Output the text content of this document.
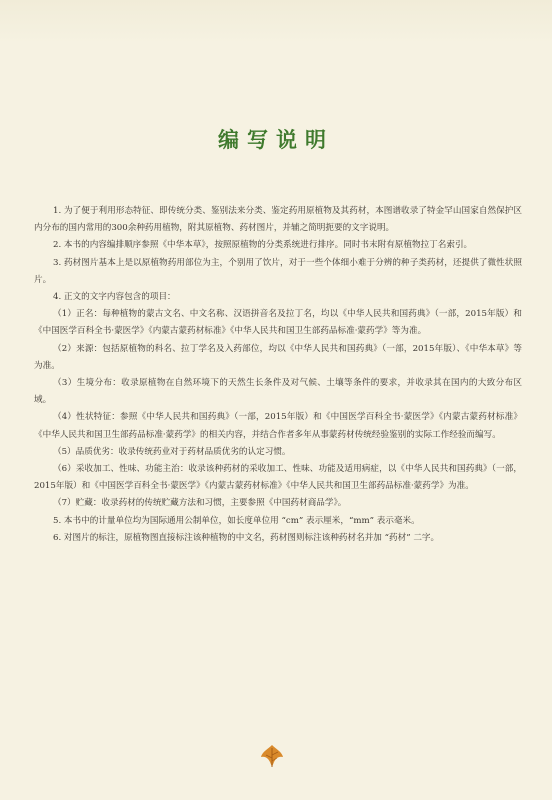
编写说明

1. 为了便于利用形态特征、即传统分类、鉴别法来分类、鉴定药用原植物及其药材，本图谱收录了特金罕山国家自然保护区内分布的国内常用的300余种药用植物，附其原植物、药材图片，并辅之简明扼要的文字说明。

2. 本书的内容编排顺序参照《中华本草》，按照原植物的分类系统进行排序。同时书末附有原植物拉丁名索引。

3. 药材图片基本上是以原植物药用部位为主，个别用了饮片，对于一些个体细小难于分辨的种子类药材，还提供了微性状照片。

4. 正文的文字内容包含的项目：

（1）正名：每种植物的蒙古文名、中文名称、汉语拼音名及拉丁名，均以《中华人民共和国药典》（一部，2015年版）和《中国医学百科全书·蒙医学》《内蒙古蒙药材标准》《中华人民共和国卫生部药品标准·蒙药学》等为准。

（2）来源：包括原植物的科名、拉丁学名及入药部位，均以《中华人民共和国药典》（一部，2015年版）、《中华本草》等为准。

（3）生境分布：收录原植物在自然环境下的天然生长条件及对气候、土壤等条件的要求，并收录其在国内的大致分布区域。

（4）性状特征：参照《中华人民共和国药典》（一部，2015年版）和《中国医学百科全书·蒙医学》《内蒙古蒙药材标准》《中华人民共和国卫生部药品标准·蒙药学》的相关内容，并结合作者多年从事蒙药材传统经验鉴别的实际工作经验而编写。

（5）品质优劣：收录传统药业对于药材品质优劣的认定习惯。

（6）采收加工、性味、功能主治：收录该种药材的采收加工、性味、功能及适用病症，以《中华人民共和国药典》（一部，2015年版）和《中国医学百科全书·蒙医学》《内蒙古蒙药材标准》《中华人民共和国卫生部药品标准·蒙药学》为准。

（7）贮藏：收录药材的传统贮藏方法和习惯，主要参照《中国药材商品学》。

5. 本书中的计量单位均为国际通用公制单位，如长度单位用 “cm” 表示厘米，“mm” 表示毫米。

6. 对图片的标注，原植物图直接标注该种植物的中文名，药材图则标注该种药材名并加 “药材” 二字。
